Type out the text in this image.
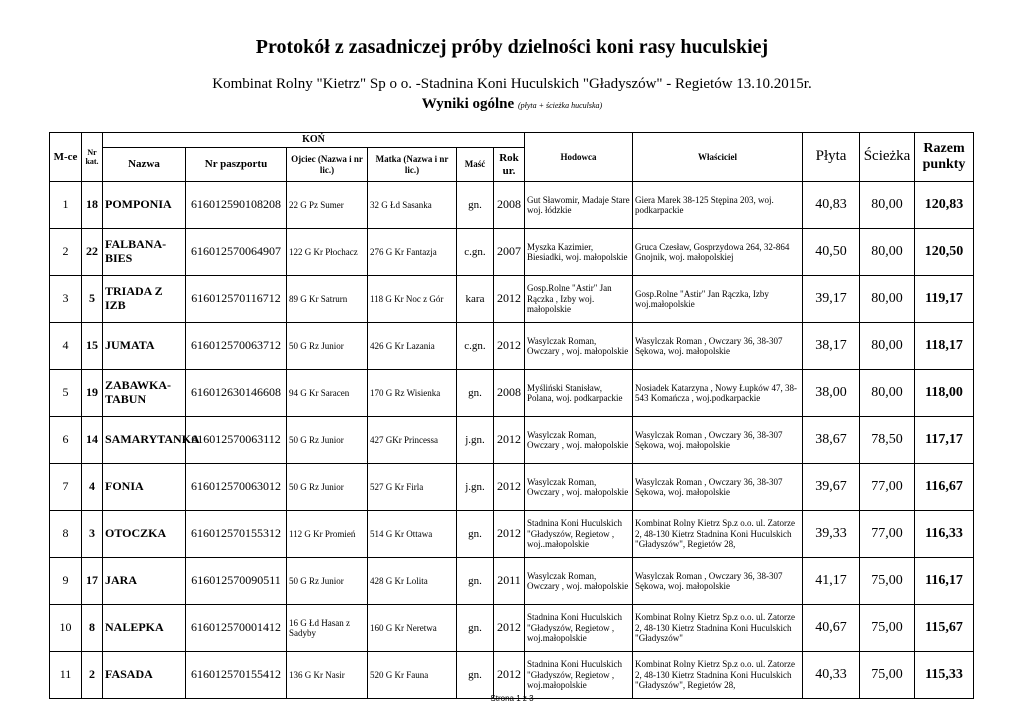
Protokół z zasadniczej próby dzielności koni rasy huculskiej
Kombinat Rolny "Kietrz" Sp o o. -Stadnina Koni Huculskich "Gładyszów" - Regietów 13.10.2015r.
Wyniki ogólne (płyta + ścieżka huculska)
M-ce	Nr kat.	KOŃ						Hodowca	Właściciel	Płyta	Ścieżka	Razem punkty
		Nazwa	Nr paszportu	Ojciec (Nazwa i nr lic.)	Matka (Nazwa i nr lic.)	Maść	Rok ur.					
1	18	POMPONIA	616012590108208	22 G Pz Sumer	32 G Łd Sasanka	gn.	2008	Gut Sławomir, Madaje Stare woj. łódzkie	Giera Marek 38-125 Stępina 203, woj. podkarpackie	40,83	80,00	120,83
2	22	FALBANA-BIES	616012570064907	122 G Kr Płochacz	276 G Kr Fantazja	c.gn.	2007	Myszka Kazimier, Biesiadki, woj. małopolskie	Gruca Czesław, Gosprzydowa 264, 32-864 Gnojnik, woj. małopolskiej	40,50	80,00	120,50
3	5	TRIADA Z IZB	616012570116712	89 G Kr Satrurn	118 G Kr Noc z Gór	kara	2012	Gosp.Rolne "Astir" Jan Rączka , Izby woj. małopolskie	Gosp.Rolne "Astir" Jan Rączka, Izby woj.małopolskie	39,17	80,00	119,17
4	15	JUMATA	616012570063712	50 G Rz Junior	426 G Kr Lazania	c.gn.	2012	Wasylczak Roman, Owczary , woj. małopolskie	Wasylczak Roman , Owczary 36, 38-307 Sękowa, woj. małopolskie	38,17	80,00	118,17
5	19	ZABAWKA-TABUN	616012630146608	94 G Kr Saracen	170 G Rz Wisienka	gn.	2008	Myśliński Stanisław, Polana, woj. podkarpackie	Nosiadek Katarzyna , Nowy Łupków 47, 38-543 Komańcza , woj.podkarpackie	38,00	80,00	118,00
6	14	SAMARYTANKA	616012570063112	50 G Rz Junior	427 GKr Princessa	j.gn.	2012	Wasylczak Roman, Owczary , woj. małopolskie	Wasylczak Roman , Owczary 36, 38-307 Sękowa, woj. małopolskie	38,67	78,50	117,17
7	4	FONIA	616012570063012	50 G Rz Junior	527 G Kr Firla	j.gn.	2012	Wasylczak Roman, Owczary , woj. małopolskie	Wasylczak Roman , Owczary 36, 38-307 Sękowa, woj. małopolskie	39,67	77,00	116,67
8	3	OTOCZKA	616012570155312	112 G Kr Promień	514 G Kr Ottawa	gn.	2012	Stadnina Koni Huculskich "Gładyszów, Regietow , woj..małopolskie	Kombinat Rolny Kietrz Sp.z o.o. ul. Zatorze 2, 48-130 Kietrz Stadnina Koni Huculskich "Gładyszów", Regietów 28,	39,33	77,00	116,33
9	17	JARA	616012570090511	50 G Rz Junior	428 G Kr Lolita	gn.	2011	Wasylczak Roman, Owczary , woj. małopolskie	Wasylczak Roman , Owczary 36, 38-307 Sękowa, woj. małopolskie	41,17	75,00	116,17
10	8	NALEPKA	616012570001412	16 G Łd Hasan z Sadyby	160 G Kr Neretwa	gn.	2012	Stadnina Koni Huculskich "Gładyszów, Regietow , woj.małopolskie	Kombinat Rolny Kietrz Sp.z o.o. ul. Zatorze 2, 48-130 Kietrz Stadnina Koni Huculskich "Gładyszów"	40,67	75,00	115,67
11	2	FASADA	616012570155412	136 G Kr Nasir	520 G Kr Fauna	gn.	2012	Stadnina Koni Huculskich "Gładyszów, Regietow , woj.małopolskie	Kombinat Rolny Kietrz Sp.z o.o. ul. Zatorze 2, 48-130 Kietrz Stadnina Koni Huculskich "Gładyszów", Regietów 28,	40,33	75,00	115,33
Strona 1 z 3
